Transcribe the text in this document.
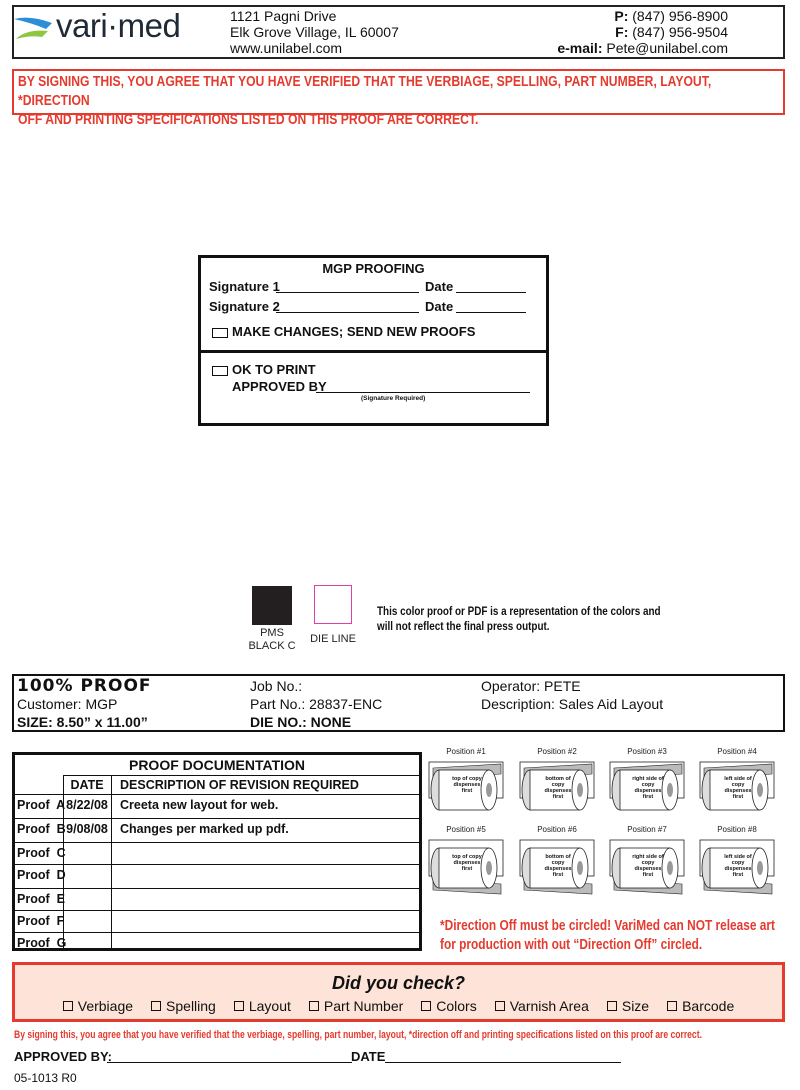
vari·med	1121 Pagni Drive
Elk Grove Village, IL 60007
www.unilabel.com
P: (847) 956-8900
F: (847) 956-9504
e-mail: Pete@unilabel.com
BY SIGNING THIS, YOU AGREE THAT YOU HAVE VERIFIED THAT THE VERBIAGE, SPELLING, PART NUMBER, LAYOUT, *DIRECTION
OFF AND PRINTING SPECIFICATIONS LISTED ON THIS PROOF ARE CORRECT.
MGP PROOFING
Signature 1	Date
Signature 2	Date
MAKE CHANGES; SEND NEW PROOFS
OK TO PRINT
APPROVED BY
(Signature Required)
PMS
BLACK C
DIE LINE
This color proof or PDF is a representation of the colors and
will not reflect the final press output.
100% PROOF
Customer: MGP
SIZE: 8.50” x 11.00”
Job No.:
Part No.: 28837-ENC
DIE NO.: NONE
Operator: PETE
Description: Sales Aid Layout
PROOF DOCUMENTATION
DATE	DESCRIPTION OF REVISION REQUIRED
Proof  A 8/22/08 Creeta new layout for web.
Proof  B 9/08/08 Changes per marked up pdf.
Proof  C
Proof  D
Proof  E
Proof  F
Proof  G
Position #1
top of copy dispenses first
Position #2
bottom of copy dispenses first
Position #3
right side of copy dispenses first
Position #4
left side of copy dispenses first
Position #5
top of copy dispenses first
Position #6
bottom of copy dispenses first
Position #7
right side of copy dispenses first
Position #8
left side of copy dispenses first
*Direction Off must be circled! VariMed can NOT release art
for production with out “Direction Off” circled.
Did you check?
Verbiage Spelling Layout Part Number Colors Varnish Area Size Barcode
By signing this, you agree that you have verified that the verbiage, spelling, part number, layout, *direction off and printing specifications listed on this proof are correct.
APPROVED BY:	DATE
05-1013 R0
